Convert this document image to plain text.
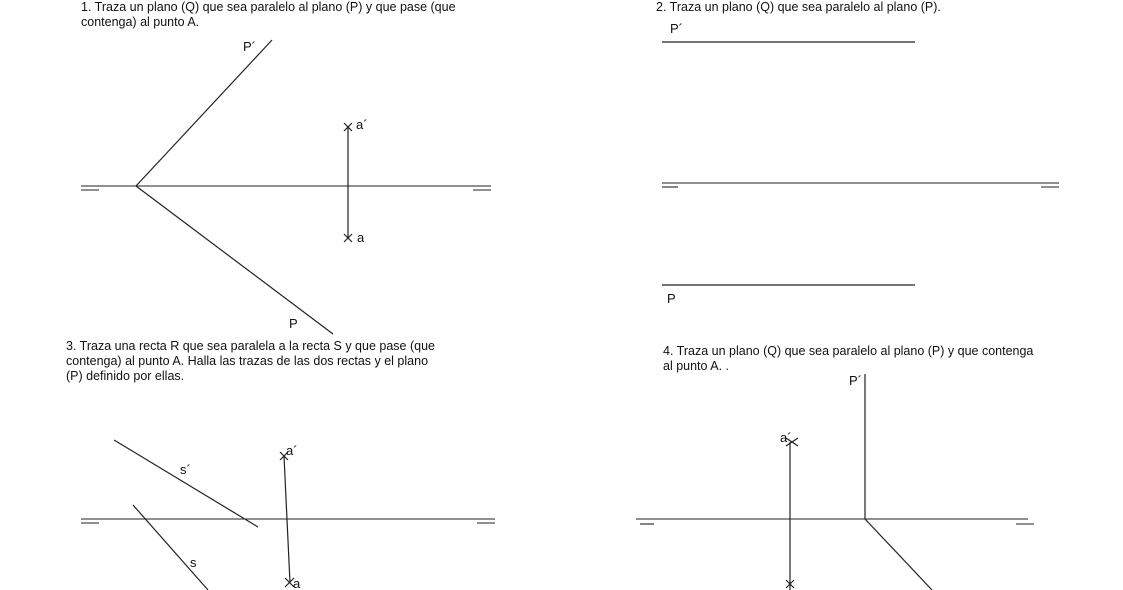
1. Traza un plano (Q) que sea paralelo al plano (P) y que pase (que
contenga) al punto A.
2. Traza un plano (Q) que sea paralelo al plano (P).
3. Traza una recta R que sea paralela a la recta S y que pase (que
contenga) al punto A. Halla las trazas de las dos rectas y el plano
(P) definido por ellas.
4. Traza un plano (Q) que sea paralelo al plano (P) y que contenga
al punto A. .
P´
a´
a
P
P´
P
a´
s´
s
a
P´
a´
